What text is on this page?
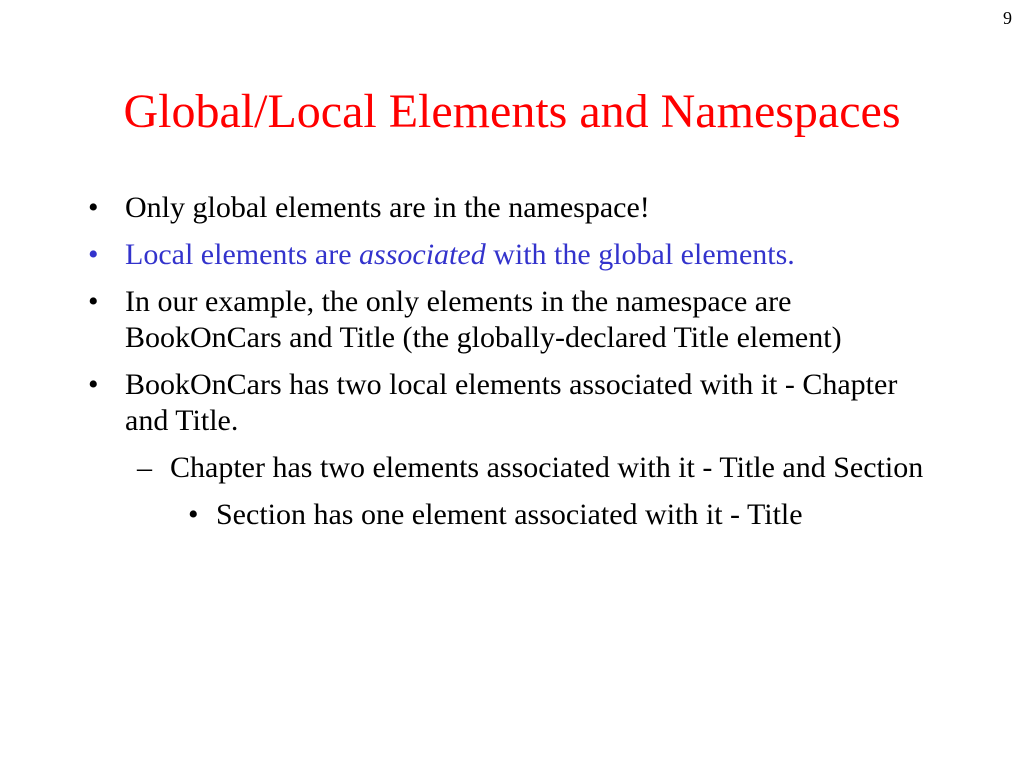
9
Global/Local Elements and Namespaces
• Only global elements are in the namespace!
• Local elements are associated with the global elements.
• In our example, the only elements in the namespace are BookOnCars and Title (the globally-declared Title element)
• BookOnCars has two local elements associated with it - Chapter and Title.
– Chapter has two elements associated with it - Title and Section
• Section has one element associated with it - Title
